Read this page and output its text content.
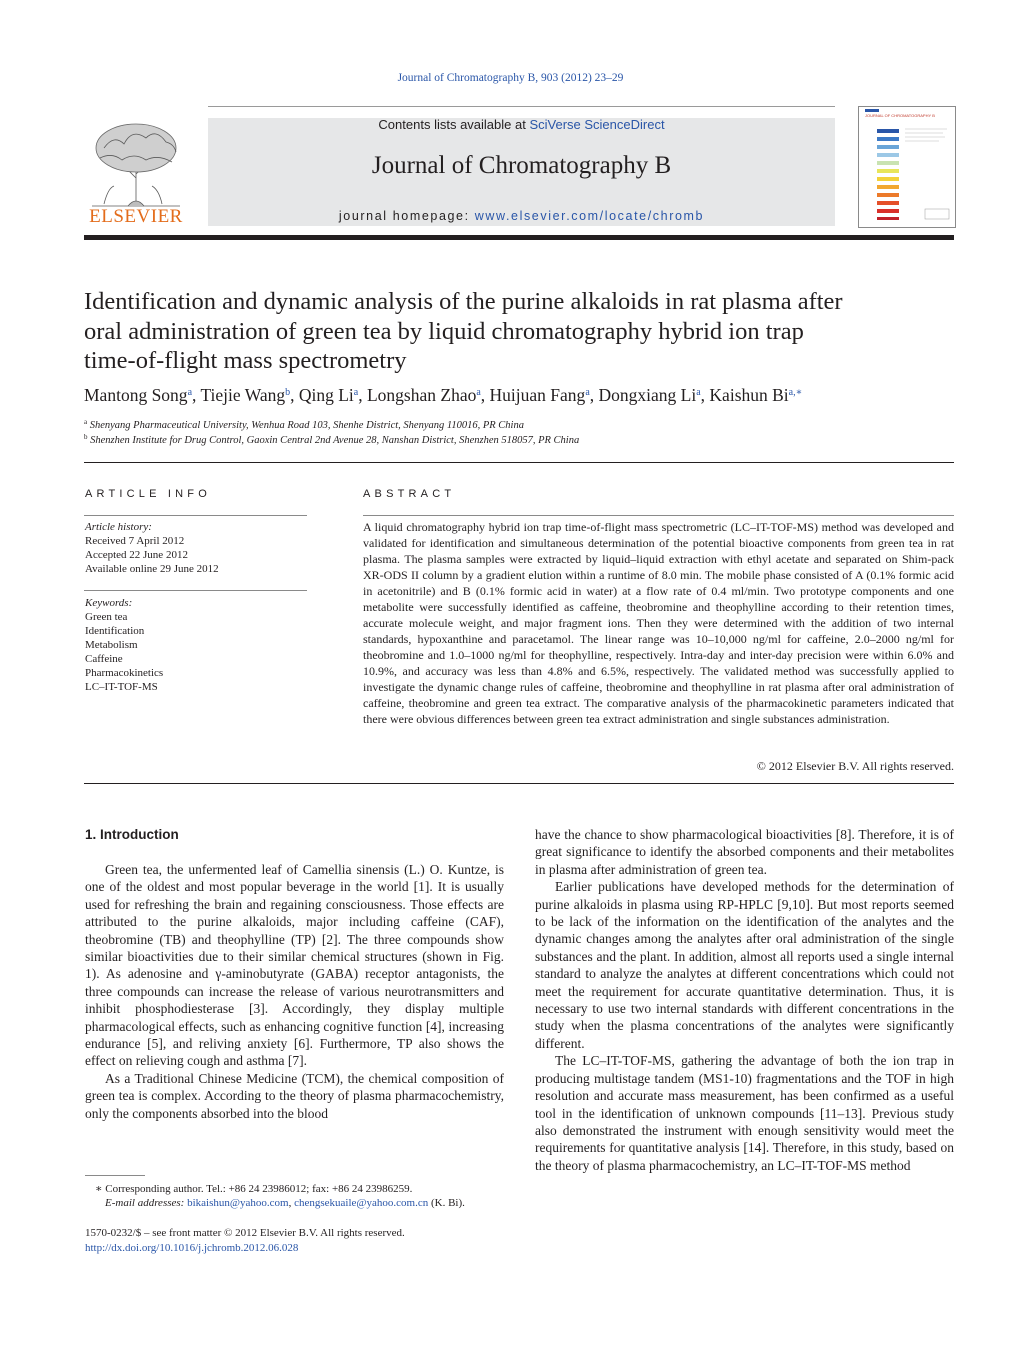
Journal of Chromatography B, 903 (2012) 23–29
ELSEVIER
Contents lists available at SciVerse ScienceDirect
Journal of Chromatography B
journal homepage: www.elsevier.com/locate/chromb
JOURNAL OF CHROMATOGRAPHY B
Identification and dynamic analysis of the purine alkaloids in rat plasma after
oral administration of green tea by liquid chromatography hybrid ion trap
time-of-flight mass spectrometry
Mantong Song$^a$, Tiejie Wang$^b$, Qing Li$^a$, Longshan Zhao$^a$, Huijuan Fang$^a$, Dongxiang Li$^a$, Kaishun $Bi^{a,∗}$
$^a$ Shenyang Pharmaceutical University, Wenhua Road 103, Shenhe District, Shenyang 110016, PR China
$^b$ Shenzhen Institute for Drug Control, Gaoxin Central 2nd Avenue 28, Nanshan District, Shenzhen 518057, PR China
ARTICLE INFO
Article history:
Received 7 April 2012
Accepted 22 June 2012
Available online 29 June 2012
Keywords:
Green tea
Identification
Metabolism
Caffeine
Pharmacokinetics
LC–IT-TOF-MS
ABSTRACT
A liquid chromatography hybrid ion trap time-of-flight mass spectrometric (LC–IT-TOF-MS) method was developed and validated for identification and simultaneous determination of the potential bioactive components from green tea in rat plasma. The plasma samples were extracted by liquid–liquid extraction with ethyl acetate and separated on Shim-pack XR-ODS II column by a gradient elution within a runtime of 8.0 min. The mobile phase consisted of A (0.1% formic acid in acetonitrile) and B (0.1% formic acid in water) at a flow rate of 0.4 ml/min. Two prototype components and one metabolite were successfully identified as caffeine, theobromine and theophylline according to their retention times, accurate molecule weight, and major fragment ions. Then they were determined with the addition of two internal standards, hypoxanthine and paracetamol. The linear range was 10–10,000 ng/ml for caffeine, 2.0–2000 ng/ml for theobromine and 1.0–1000 ng/ml for theophylline, respectively. Intra-day and inter-day precision were within 6.0% and 10.9%, and accuracy was less than 4.8% and 6.5%, respectively. The validated method was successfully applied to investigate the dynamic change rules of caffeine, theobromine and theophylline in rat plasma after oral administration of caffeine, theobromine and green tea extract. The comparative analysis of the pharmacokinetic parameters indicated that there were obvious differences between green tea extract administration and single substances administration.
© 2012 Elsevier B.V. All rights reserved.
1. Introduction

Green tea, the unfermented leaf of Camellia sinensis (L.) O. Kuntze, is one of the oldest and most popular beverage in the world [1]. It is usually used for refreshing the brain and regaining consciousness. Those effects are attributed to the purine alkaloids, major including caffeine (CAF), theobromine (TB) and theophylline (TP) [2]. The three compounds show similar bioactivities due to their similar chemical structures (shown in Fig. 1). As adenosine and γ-aminobutyrate (GABA) receptor antagonists, the three compounds can increase the release of various neurotransmitters and inhibit phosphodiesterase [3]. Accordingly, they display multiple pharmacological effects, such as enhancing cognitive function [4], increasing endurance [5], and reliving anxiety [6]. Furthermore, TP also shows the effect on relieving cough and asthma [7].

As a Traditional Chinese Medicine (TCM), the chemical composition of green tea is complex. According to the theory of plasma pharmacochemistry, only the components absorbed into the blood

have the chance to show pharmacological bioactivities [8]. Therefore, it is of great significance to identify the absorbed components and their metabolites in plasma after administration of green tea.

Earlier publications have developed methods for the determination of purine alkaloids in plasma using RP-HPLC [9,10]. But most reports seemed to be lack of the information on the identification of the analytes and the dynamic changes among the analytes after oral administration of the single substances and the plant. In addition, almost all reports used a single internal standard to analyze the analytes at different concentrations which could not meet the requirement for accurate quantitative determination. Thus, it is necessary to use two internal standards with different concentrations in the study when the plasma concentrations of the analytes were significantly different.

The LC–IT-TOF-MS, gathering the advantage of both the ion trap in producing multistage tandem (MS1-10) fragmentations and the TOF in high resolution and accurate mass measurement, has been confirmed as a useful tool in the identification of unknown compounds [11–13]. Previous study also demonstrated the instrument with enough sensitivity would meet the requirements for quantitative analysis [14]. Therefore, in this study, based on the theory of plasma pharmacochemistry, an LC–IT-TOF-MS method

∗ Corresponding author. Tel.: +86 24 23986012; fax: +86 24 23986259.
E-mail addresses: bikaishun@yahoo.com, chengsekuaile@yahoo.com.cn (K. Bi).
1570-0232/$ – see front matter © 2012 Elsevier B.V. All rights reserved.
http://dx.doi.org/10.1016/j.jchromb.2012.06.028
